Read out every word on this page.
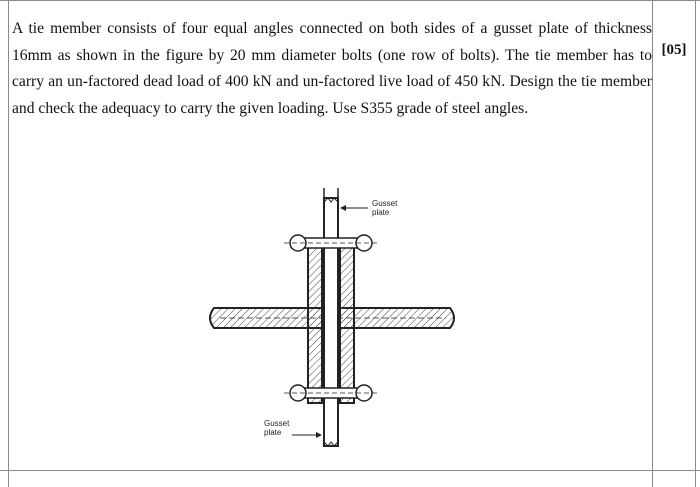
A tie member consists of four equal angles connected on both sides of a gusset plate of thickness 16mm as shown in the figure by 20 mm diameter bolts (one row of bolts). The tie member has to carry an un-factored dead load of 400 kN and un-factored live load of 450 kN. Design the tie member and check the adequacy to carry the given loading. Use S355 grade of steel angles.
[05]
Gusset
plate
Gusset
plate
